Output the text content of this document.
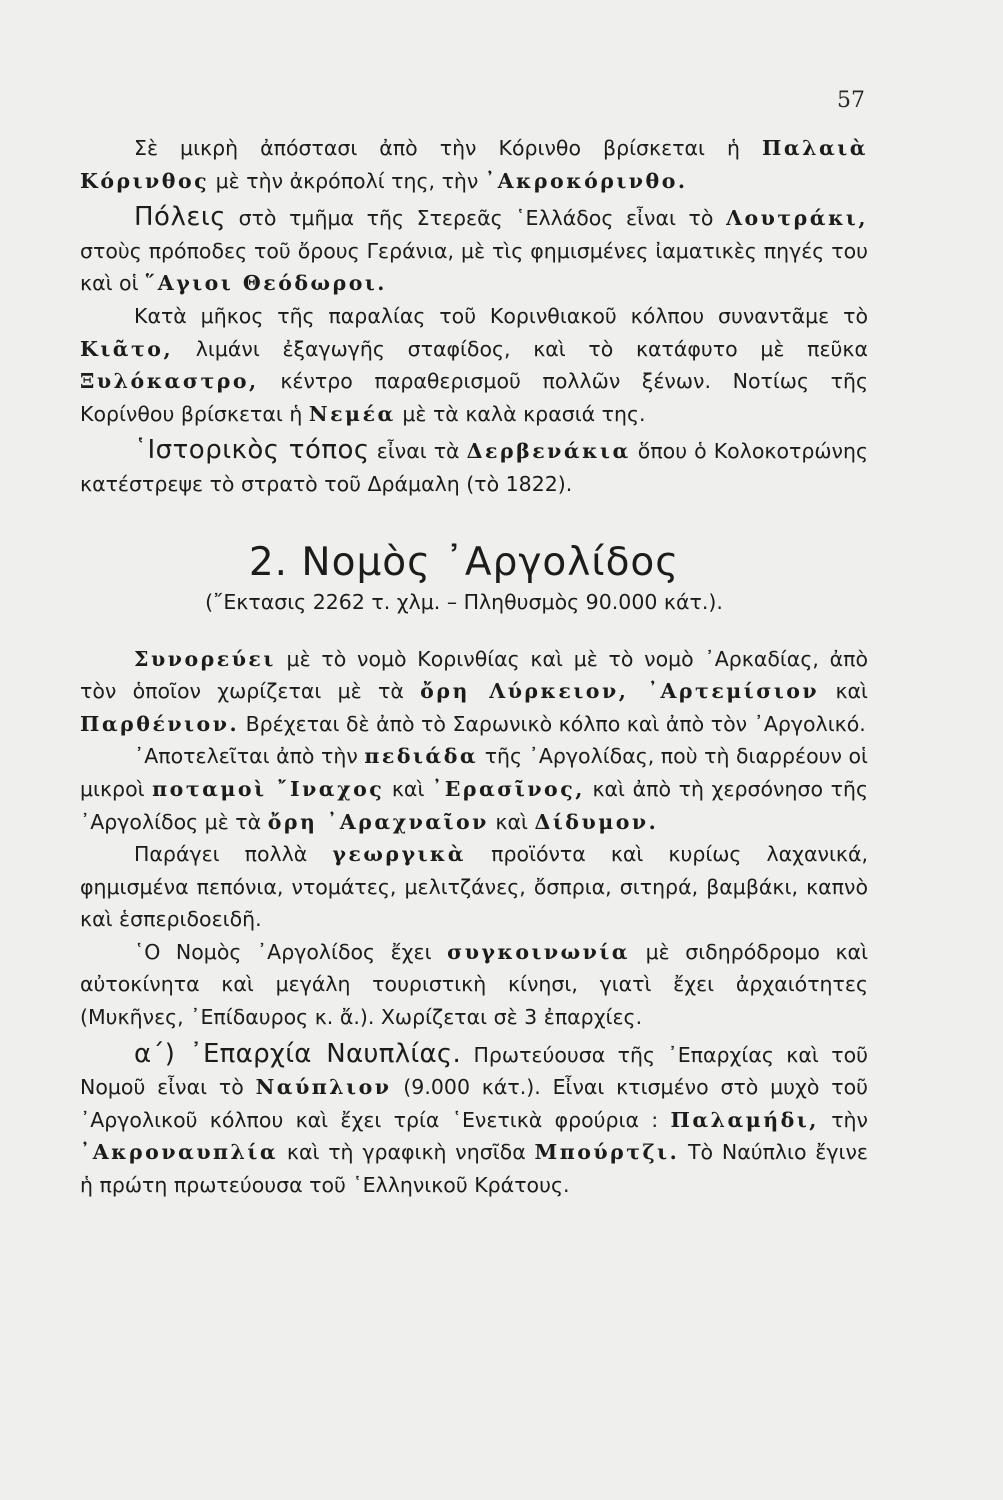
57

Σὲ μικρὴ ἀπόστασι ἀπὸ τὴν Κόρινθο βρίσκεται ἡ Παλαιὰ Κόρινθος μὲ τὴν ἀκρόπολί της, τὴν ᾿Ακροκόρινθο.

Πόλεις στὸ τμῆμα τῆς Στερεᾶς ῾Ελλάδος εἶναι τὸ Λουτράκι, στοὺς πρόποδες τοῦ ὄρους Γεράνια, μὲ τὶς φημισμένες ἰαματικὲς πηγές του καὶ οἱ ῞Αγιοι Θεόδωροι.

Κατὰ μῆκος τῆς παραλίας τοῦ Κορινθιακοῦ κόλπου συναντᾶμε τὸ Κιᾶτο, λιμάνι ἐξαγωγῆς σταφίδος, καὶ τὸ κατάφυτο μὲ πεῦκα Ξυλόκαστρο, κέντρο παραθερισμοῦ πολλῶν ξένων. Νοτίως τῆς Κορίνθου βρίσκεται ἡ Νεμέα μὲ τὰ καλὰ κρασιά της.

῾Ιστορικὸς τόπος εἶναι τὰ Δερβενάκια ὅπου ὁ Κολοκοτρώνης κατέστρεψε τὸ στρατὸ τοῦ Δράμαλη (τὸ 1822).

2. Νομὸς ᾿Αργολίδος
(῎Εκτασις 2262 τ. χλμ. – Πληθυσμὸς 90.000 κάτ.).

Συνορεύει μὲ τὸ νομὸ Κορινθίας καὶ μὲ τὸ νομὸ ᾿Αρκαδίας, ἀπὸ τὸν ὁποῖον χωρίζεται μὲ τὰ ὄρη Λύρκειον, ᾿Αρτεμίσιον καὶ Παρθένιον. Βρέχεται δὲ ἀπὸ τὸ Σαρωνικὸ κόλπο καὶ ἀπὸ τὸν ᾿Αργολικό.

᾿Αποτελεῖται ἀπὸ τὴν πεδιάδα τῆς ᾿Αργολίδας, ποὺ τὴ διαρρέουν οἱ μικροὶ ποταμοὶ ῎Ιναχος καὶ ᾿Ερασῖνος, καὶ ἀπὸ τὴ χερσόνησο τῆς ᾿Αργολίδος μὲ τὰ ὄρη ᾿Αραχναῖον καὶ Δίδυμον.

Παράγει πολλὰ γεωργικὰ προϊόντα καὶ κυρίως λαχανικά, φημισμένα πεπόνια, ντομάτες, μελιτζάνες, ὄσπρια, σιτηρά, βαμβάκι, καπνὸ καὶ ἑσπεριδοειδῆ.

῾Ο Νομὸς ᾿Αργολίδος ἔχει συγκοινωνία μὲ σιδηρόδρομο καὶ αὐτοκίνητα καὶ μεγάλη τουριστικὴ κίνησι, γιατὶ ἔχει ἀρχαιότητες (Μυκῆνες, ᾿Επίδαυρος κ. ἄ.). Χωρίζεται σὲ 3 ἐπαρχίες.

α΄) ᾿Επαρχία Ναυπλίας. Πρωτεύουσα τῆς ᾿Επαρχίας καὶ τοῦ Νομοῦ εἶναι τὸ Ναύπλιον (9.000 κάτ.). Εἶναι κτισμένο στὸ μυχὸ τοῦ ᾿Αργολικοῦ κόλπου καὶ ἔχει τρία ῾Ενετικὰ φρούρια : Παλαμήδι, τὴν ᾿Ακροναυπλία καὶ τὴ γραφικὴ νησῖδα Μπούρτζι. Τὸ Ναύπλιο ἔγινε ἡ πρώτη πρωτεύουσα τοῦ ῾Ελληνικοῦ Κράτους.
